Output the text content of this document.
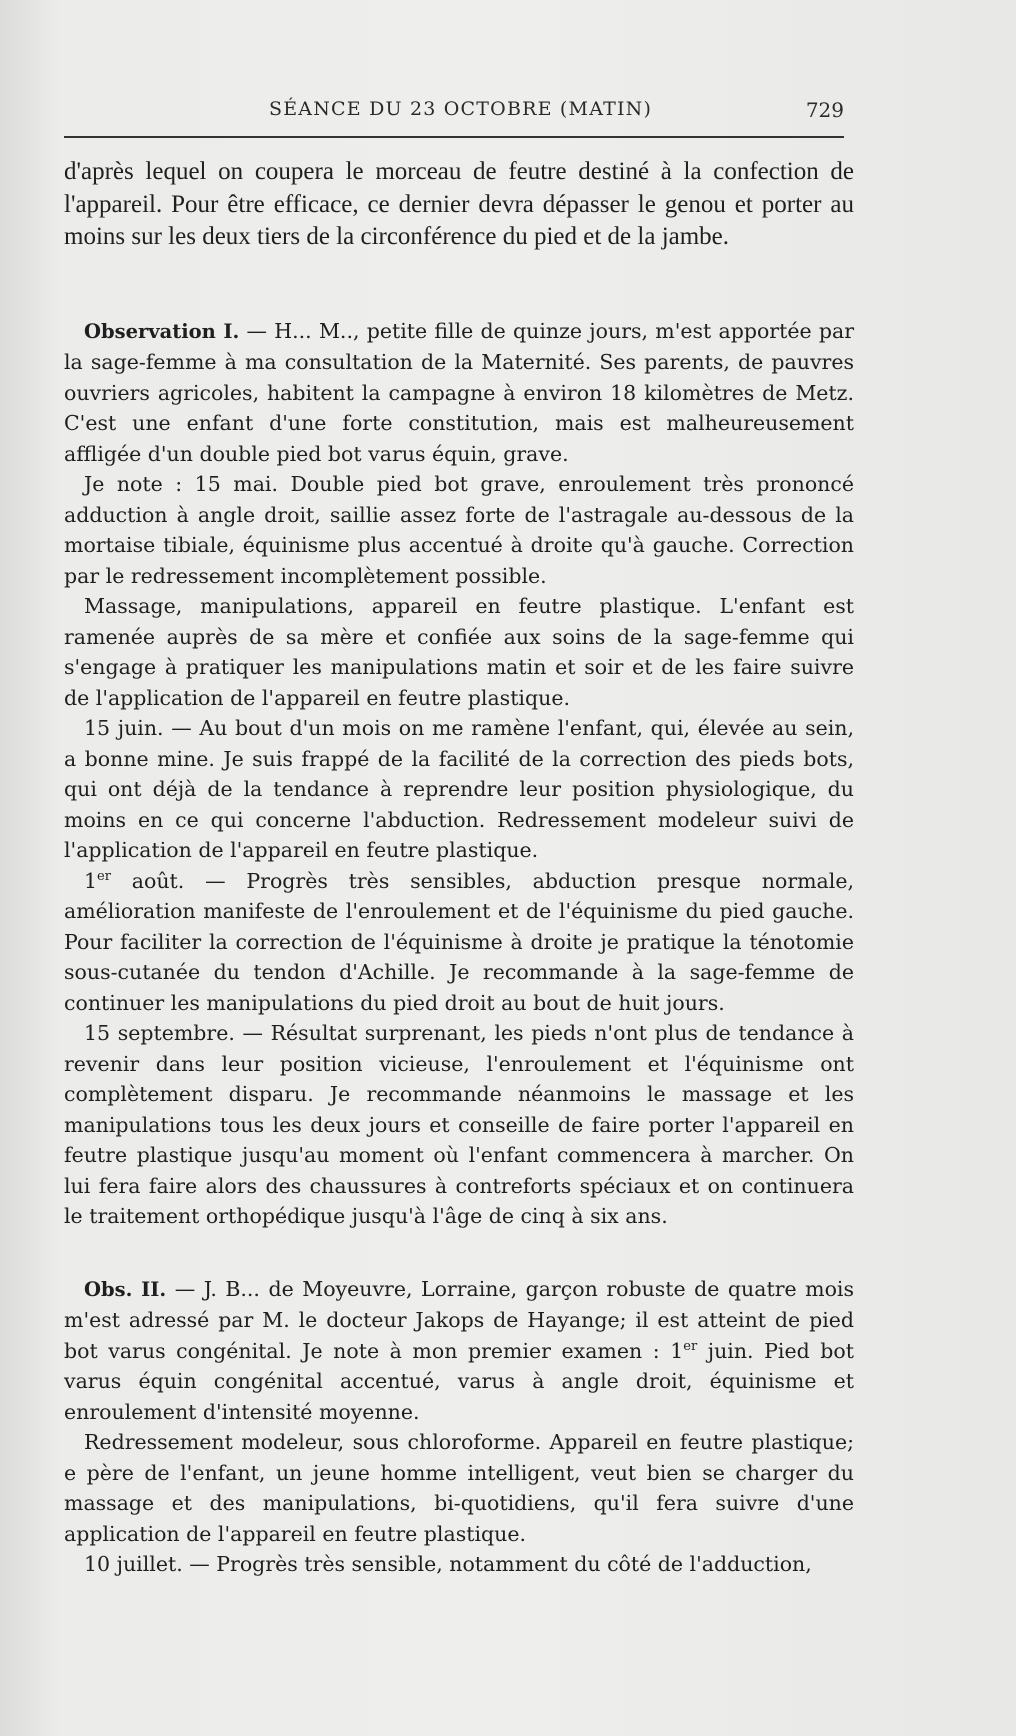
SÉANCE DU 23 OCTOBRE (MATIN)	729

d'après lequel on coupera le morceau de feutre destiné à la confection de l'appareil. Pour être efficace, ce dernier devra dépasser le genou et porter au moins sur les deux tiers de la circonférence du pied et de la jambe.

Observation I. — H... M.., petite fille de quinze jours, m'est apportée par la sage-femme à ma consultation de la Maternité. Ses parents, de pauvres ouvriers agricoles, habitent la campagne à environ 18 kilomètres de Metz. C'est une enfant d'une forte constitution, mais est malheureusement affligée d'un double pied bot varus équin, grave.

Je note : 15 mai. Double pied bot grave, enroulement très prononcé adduction à angle droit, saillie assez forte de l'astragale au-dessous de la mortaise tibiale, équinisme plus accentué à droite qu'à gauche. Correction par le redressement incomplètement possible.

Massage, manipulations, appareil en feutre plastique. L'enfant est ramenée auprès de sa mère et confiée aux soins de la sage-femme qui s'engage à pratiquer les manipulations matin et soir et de les faire suivre de l'application de l'appareil en feutre plastique.

15 juin. — Au bout d'un mois on me ramène l'enfant, qui, élevée au sein, a bonne mine. Je suis frappé de la facilité de la correction des pieds bots, qui ont déjà de la tendance à reprendre leur position physiologique, du moins en ce qui concerne l'abduction. Redressement modeleur suivi de l'application de l'appareil en feutre plastique.

1er août. — Progrès très sensibles, abduction presque normale, amélioration manifeste de l'enroulement et de l'équinisme du pied gauche. Pour faciliter la correction de l'équinisme à droite je pratique la ténotomie sous-cutanée du tendon d'Achille. Je recommande à la sage-femme de continuer les manipulations du pied droit au bout de huit jours.

15 septembre. — Résultat surprenant, les pieds n'ont plus de tendance à revenir dans leur position vicieuse, l'enroulement et l'équinisme ont complètement disparu. Je recommande néanmoins le massage et les manipulations tous les deux jours et conseille de faire porter l'appareil en feutre plastique jusqu'au moment où l'enfant commencera à marcher. On lui fera faire alors des chaussures à contreforts spéciaux et on continuera le traitement orthopédique jusqu'à l'âge de cinq à six ans.

Obs. II. — J. B... de Moyeuvre, Lorraine, garçon robuste de quatre mois m'est adressé par M. le docteur Jakops de Hayange; il est atteint de pied bot varus congénital. Je note à mon premier examen : 1er juin. Pied bot varus équin congénital accentué, varus à angle droit, équinisme et enroulement d'intensité moyenne.

Redressement modeleur, sous chloroforme. Appareil en feutre plastique; e père de l'enfant, un jeune homme intelligent, veut bien se charger du massage et des manipulations, bi-quotidiens, qu'il fera suivre d'une application de l'appareil en feutre plastique.

10 juillet. — Progrès très sensible, notamment du côté de l'adduction,
